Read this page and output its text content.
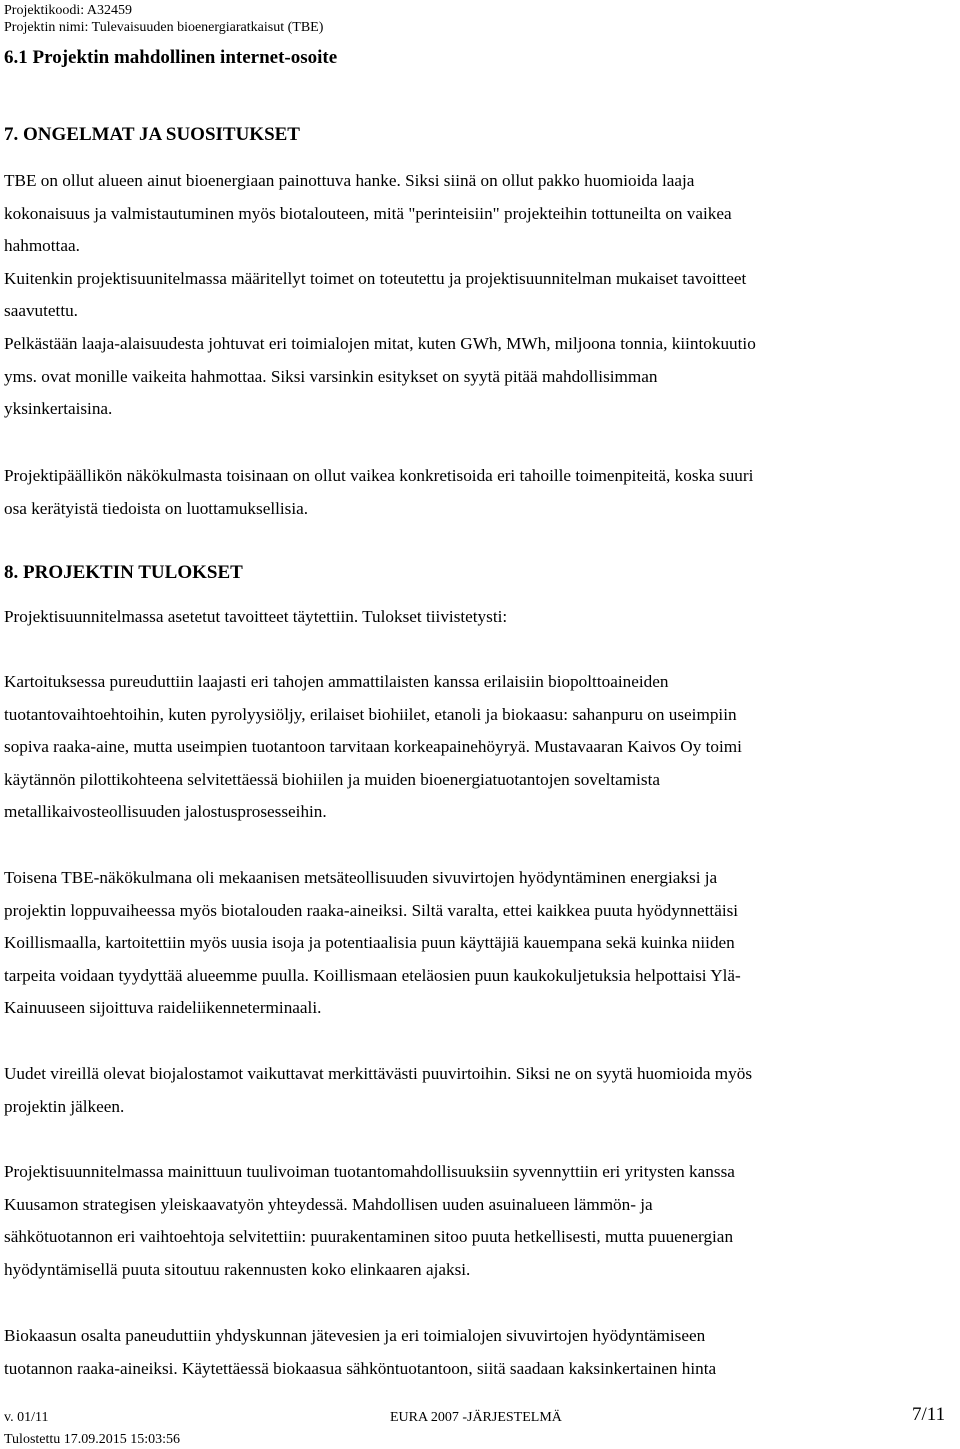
Projektikoodi: A32459
Projektin nimi: Tulevaisuuden bioenergiaratkaisut (TBE)
6.1 Projektin mahdollinen internet-osoite
7. ONGELMAT JA SUOSITUKSET
TBE on ollut alueen ainut bioenergiaan painottuva hanke. Siksi siinä on ollut pakko huomioida laaja
kokonaisuus ja valmistautuminen myös biotalouteen, mitä "perinteisiin" projekteihin tottuneilta on vaikea
hahmottaa.
Kuitenkin projektisuunitelmassa määritellyt toimet on toteutettu ja projektisuunnitelman mukaiset tavoitteet
saavutettu.
Pelkästään laaja-alaisuudesta johtuvat eri toimialojen mitat, kuten GWh, MWh, miljoona tonnia, kiintokuutio
yms. ovat monille vaikeita hahmottaa. Siksi varsinkin esitykset on syytä pitää mahdollisimman
yksinkertaisina.
Projektipäällikön näkökulmasta toisinaan on ollut vaikea konkretisoida eri tahoille toimenpiteitä, koska suuri
osa kerätyistä tiedoista on luottamuksellisia.
8. PROJEKTIN TULOKSET
Projektisuunnitelmassa asetetut tavoitteet täytettiin. Tulokset tiivistetysti:
Kartoituksessa pureuduttiin laajasti eri tahojen ammattilaisten kanssa erilaisiin biopolttoaineiden
tuotantovaihtoehtoihin, kuten pyrolyysiöljy, erilaiset biohiilet, etanoli ja biokaasu: sahanpuru on useimpiin
sopiva raaka-aine, mutta useimpien tuotantoon tarvitaan korkeapainehöyryä. Mustavaaran Kaivos Oy toimi
käytännön pilottikohteena selvitettäessä biohiilen ja muiden bioenergiatuotantojen soveltamista
metallikaivosteollisuuden jalostusprosesseihin.
Toisena TBE-näkökulmana oli mekaanisen metsäteollisuuden sivuvirtojen hyödyntäminen energiaksi ja
projektin loppuvaiheessa myös biotalouden raaka-aineiksi. Siltä varalta, ettei kaikkea puuta hyödynnettäisi
Koillismaalla, kartoitettiin myös uusia isoja ja potentiaalisia puun käyttäjiä kauempana sekä kuinka niiden
tarpeita voidaan tyydyttää alueemme puulla. Koillismaan eteläosien puun kaukokuljetuksia helpottaisi Ylä-
Kainuuseen sijoittuva raideliikenneterminaali.
Uudet vireillä olevat biojalostamot vaikuttavat merkittävästi puuvirtoihin. Siksi ne on syytä huomioida myös
projektin jälkeen.
Projektisuunnitelmassa mainittuun tuulivoiman tuotantomahdollisuuksiin syvennyttiin eri yritysten kanssa
Kuusamon strategisen yleiskaavatyön yhteydessä. Mahdollisen uuden asuinalueen lämmön- ja
sähkötuotannon eri vaihtoehtoja selvitettiin: puurakentaminen sitoo puuta hetkellisesti, mutta puuenergian
hyödyntämisellä puuta sitoutuu rakennusten koko elinkaaren ajaksi.
Biokaasun osalta paneuduttiin yhdyskunnan jätevesien ja eri toimialojen sivuvirtojen hyödyntämiseen
tuotannon raaka-aineiksi. Käytettäessä biokaasua sähköntuotantoon, siitä saadaan kaksinkertainen hinta
v. 01/11	EURA 2007 -JÄRJESTELMÄ	7/11
Tulostettu 17.09.2015 15:03:56
